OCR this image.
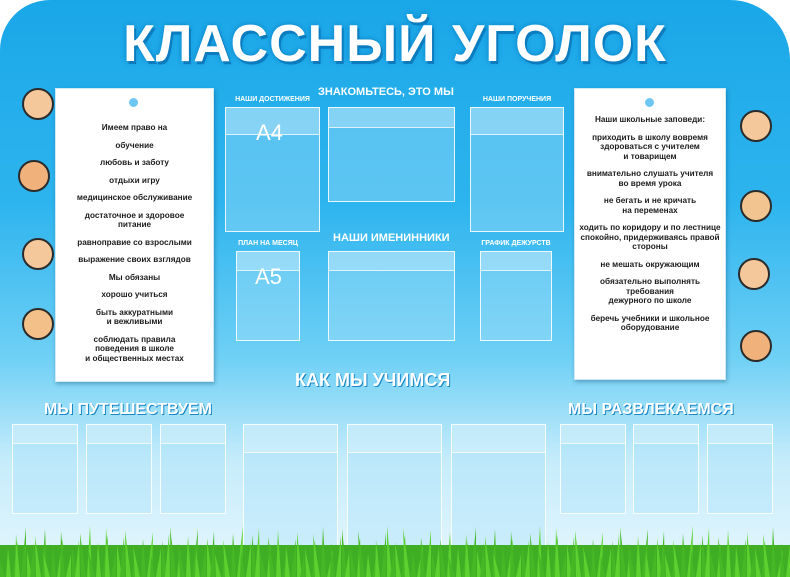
КЛАССНЫЙ УГОЛОК
Имеем право на
обучение
любовь и заботу
отдыхи игру
медицинское обслуживание
достаточное и здоровое
питание
равноправие со взрослыми
выражение своих взглядов
Мы обязаны
хорошо учиться
быть аккуратными
и вежливыми
соблюдать правила
поведения в школе
и общественных местах
Наши школьные заповеди:
приходить в школу вовремя
здороваться с учителем
и товарищем
внимательно слушать учителя
во время урока
не бегать и не кричать
на переменах
ходить по коридору и по лестнице
спокойно, придерживаясь правой
стороны
не мешать окружающим
обязательно выполнять
требования
дежурного по школе
беречь учебники и школьное
оборудование
НАШИ ДОСТИЖЕНИЯ
ЗНАКОМЬТЕСЬ, ЭТО МЫ
НАШИ ПОРУЧЕНИЯ
А4
ПЛАН НА МЕСЯЦ	НАШИ ИМЕНИННИКИ	ГРАФИК ДЕЖУРСТВ
А5
КАК МЫ УЧИМСЯ
МЫ ПУТЕШЕСТВУЕМ	МЫ РАЗВЛЕКАЕМСЯ
